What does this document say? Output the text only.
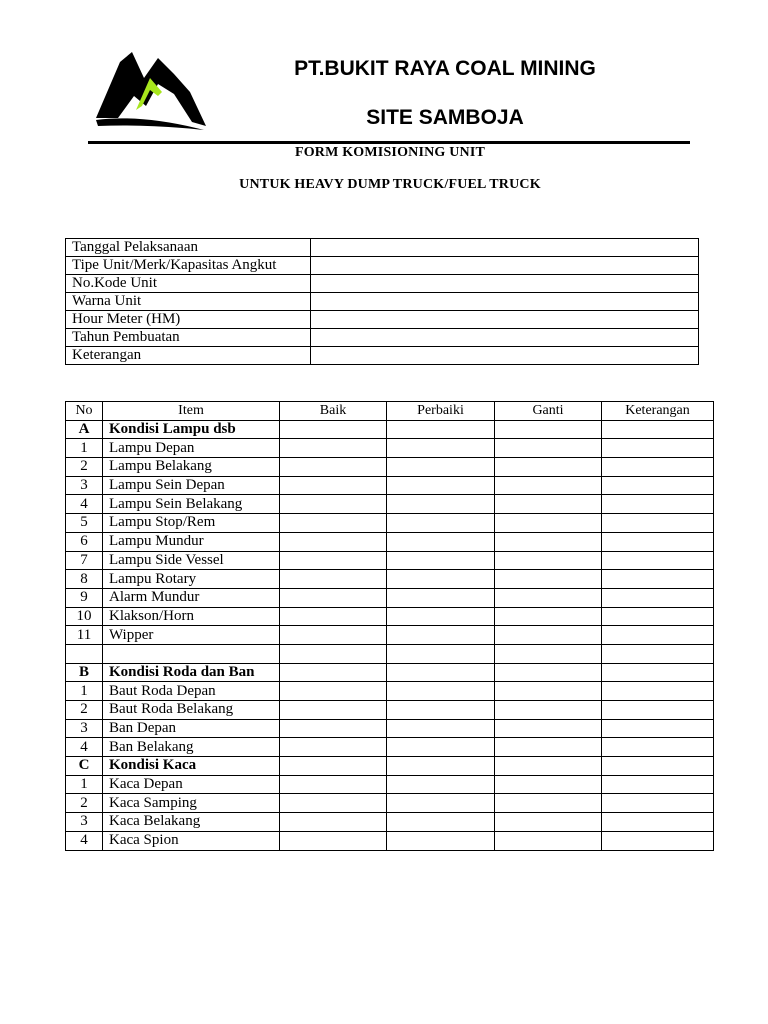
PT.BUKIT RAYA COAL MINING
SITE SAMBOJA
FORM KOMISIONING UNIT
UNTUK HEAVY DUMP TRUCK/FUEL TRUCK
Tanggal Pelaksanaan	
Tipe Unit/Merk/Kapasitas Angkut	
No.Kode Unit	
Warna Unit	
Hour Meter (HM)	
Tahun Pembuatan	
Keterangan	
No	Item	Baik	Perbaiki	Ganti	Keterangan
A	Kondisi Lampu dsb				
1	Lampu Depan				
2	Lampu Belakang				
3	Lampu Sein Depan				
4	Lampu Sein Belakang				
5	Lampu Stop/Rem				
6	Lampu Mundur				
7	Lampu Side Vessel				
8	Lampu Rotary				
9	Alarm Mundur				
10	Klakson/Horn				
11	Wipper				

B	Kondisi Roda dan Ban				
1	Baut Roda Depan				
2	Baut Roda Belakang				
3	Ban Depan				
4	Ban Belakang				
C	Kondisi Kaca				
1	Kaca Depan				
2	Kaca Samping				
3	Kaca Belakang				
4	Kaca Spion				
